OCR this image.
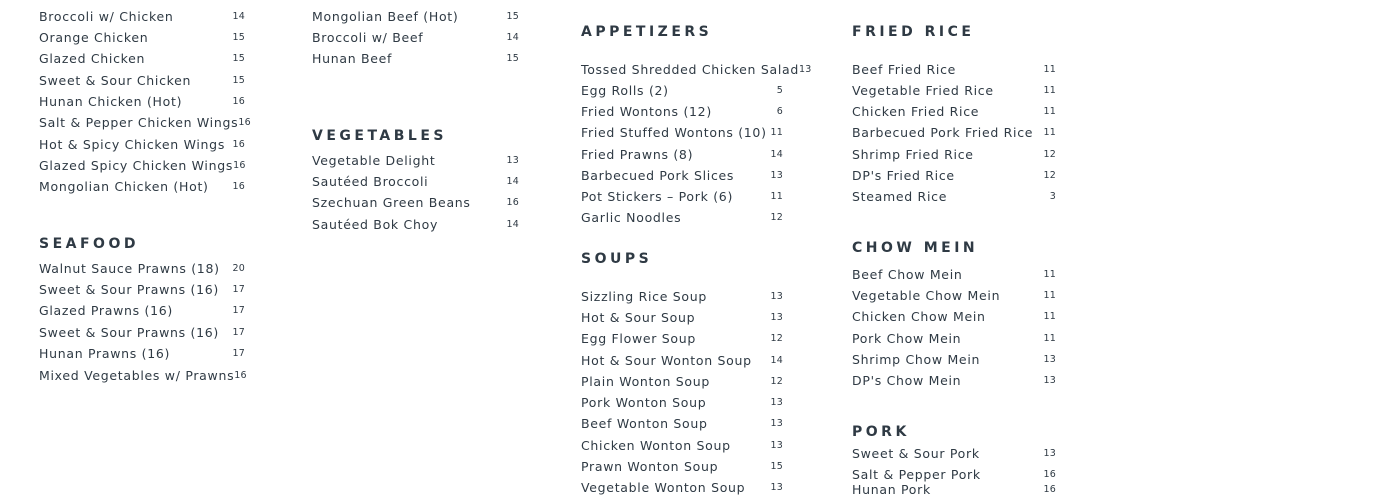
Broccoli w/ Chicken	14
Orange Chicken	15
Glazed Chicken	15
Sweet & Sour Chicken	15
Hunan Chicken (Hot)	16
Salt & Pepper Chicken Wings 16
Hot & Spicy Chicken Wings 16
Glazed Spicy Chicken Wings 16
Mongolian Chicken (Hot)	16
SEAFOOD
Walnut Sauce Prawns (18) 20
Sweet & Sour Prawns (16) 17
Glazed Prawns (16)	17
Sweet & Sour Prawns (16) 17
Hunan Prawns (16)	17
Mixed Vegetables w/ Prawns 16
Mongolian Beef (Hot)	15
Broccoli w/ Beef	14
Hunan Beef	15
VEGETABLES
Vegetable Delight	13
Sautéed Broccoli	14
Szechuan Green Beans	16
Sautéed Bok Choy	14
APPETIZERS
Tossed Shredded Chicken Salad 13
Egg Rolls (2)	5
Fried Wontons (12)	6
Fried Stuffed Wontons (10) 11
Fried Prawns (8)	14
Barbecued Pork Slices	13
Pot Stickers – Pork (6)	11
Garlic Noodles	12
SOUPS
Sizzling Rice Soup	13
Hot & Sour Soup	13
Egg Flower Soup	12
Hot & Sour Wonton Soup 14
Plain Wonton Soup	12
Pork Wonton Soup	13
Beef Wonton Soup	13
Chicken Wonton Soup	13
Prawn Wonton Soup	15
Vegetable Wonton Soup	13
FRIED RICE
Beef Fried Rice	11
Vegetable Fried Rice	11
Chicken Fried Rice	11
Barbecued Pork Fried Rice 11
Shrimp Fried Rice	12
DP's Fried Rice	12
Steamed Rice	3
CHOW MEIN
Beef Chow Mein	11
Vegetable Chow Mein	11
Chicken Chow Mein	11
Pork Chow Mein	11
Shrimp Chow Mein	13
DP's Chow Mein	13
PORK
Sweet & Sour Pork	13
Salt & Pepper Pork	16
Hunan Pork	16
